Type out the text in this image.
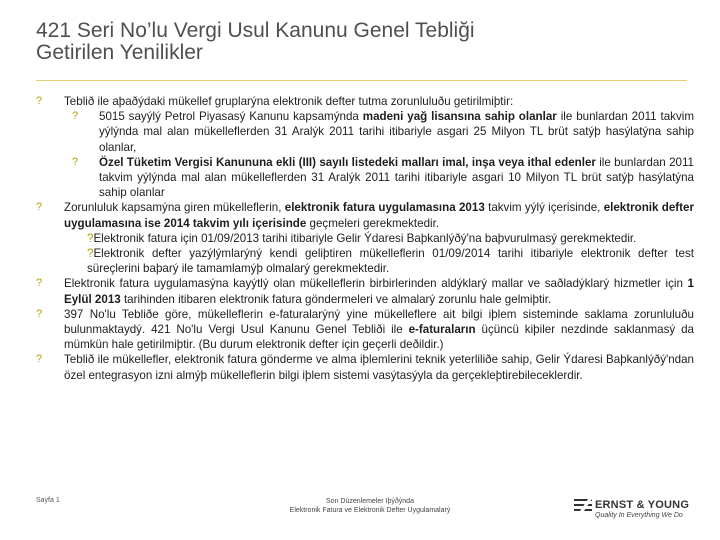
421 Seri No’lu Vergi Usul Kanunu Genel Tebliği
Getirilen Yenilikler
? Teblið ile aþaðýdaki mükellef gruplarýna elektronik defter tutma zorunluluðu getirilmiþtir:
? 5015 sayýlý Petrol Piyasasý Kanunu kapsamýnda madeni yağ lisansına sahip olanlar ile bunlardan 2011 takvim yýlýnda mal alan mükelleflerden 31 Aralýk 2011 tarihi itibariyle asgari 25 Milyon TL brüt satýþ hasýlatýna sahip olanlar,
? Özel Tüketim Vergisi Kanununa ekli (III) sayılı listedeki malları imal, inşa veya ithal edenler ile bunlardan 2011 takvim yýlýnda mal alan mükelleflerden 31 Aralýk 2011 tarihi itibariyle asgari 10 Milyon TL brüt satýþ hasýlatýna sahip olanlar
? Zorunluluk kapsamýna giren mükelleflerin, elektronik fatura uygulamasına 2013 takvim yýlý içerisinde, elektronik defter uygulamasına ise 2014 takvim yılı içerisinde geçmeleri gerekmektedir.
?Elektronik fatura için 01/09/2013 tarihi itibariyle Gelir Ýdaresi Baþkanlýðý'na baþvurulmasý gerekmektedir.
?Elektronik defter yazýlýmlarýný kendi geliþtiren mükelleflerin 01/09/2014 tarihi itibariyle elektronik defter test süreçlerini baþarý ile tamamlamýþ olmalarý gerekmektedir.
? Elektronik fatura uygulamasýna kayýtlý olan mükelleflerin birbirlerinden aldýklarý mallar ve saðladýklarý hizmetler için 1 Eylül 2013 tarihinden itibaren elektronik fatura göndermeleri ve almalarý zorunlu hale gelmiþtir.
? 397 No'lu Tebliðe göre, mükelleflerin e-faturalarýný yine mükelleflere ait bilgi iþlem sisteminde saklama zorunluluðu bulunmaktaydý. 421 No'lu Vergi Usul Kanunu Genel Tebliði ile e-faturaların üçüncü kiþiler nezdinde saklanmasý da mümkün hale getirilmiþtir. (Bu durum elektronik defter için geçerli deðildir.)
? Teblið ile mükellefler, elektronik fatura gönderme ve alma iþlemlerini teknik yeterliliðe sahip, Gelir Ýdaresi Baþkanlýðý'ndan özel entegrasyon izni almýþ mükelleflerin bilgi iþlem sistemi vasýtasýyla da gerçekleþtirebileceklerdir.
Sayfa 1	Son Düzenlemeler Iþýðýnda
Elektronik Fatura ve Elektronik Defter Uygulamalarý	ERNST & YOUNG
Quality In Everything We Do
